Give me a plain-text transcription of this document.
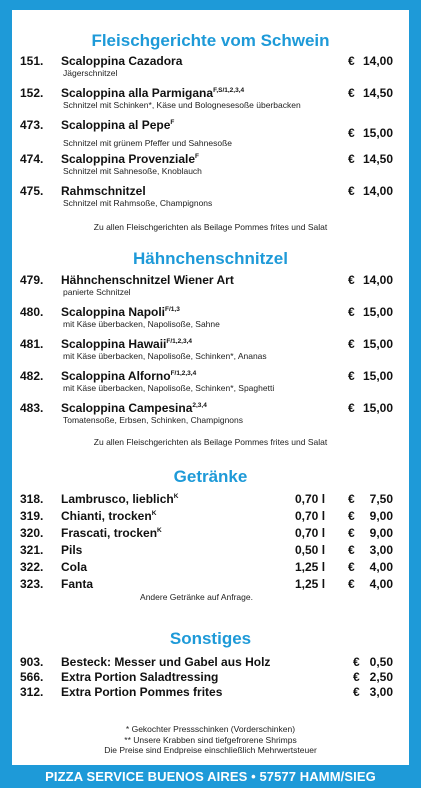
Fleischgerichte vom Schwein
151. Scaloppina Cazadora
Jägerschnitzel
€ 14,00
152. Scaloppina alla Parmigana$^{F,S/1,2,3,4}$
Schnitzel mit Schinken*, Käse und Bolognesesoße überbacken
€ 14,50
473. Scaloppina al Pepe$^F$
Schnitzel mit grünem Pfeffer und Sahnesoße
€ 15,00
474. Scaloppina Provenziale$^F$
Schnitzel mit Sahnesoße, Knoblauch
€ 14,50
475. Rahmschnitzel
Schnitzel mit Rahmsoße, Champignons
€ 14,00
Zu allen Fleischgerichten als Beilage Pommes frites und Salat
Hähnchenschnitzel
479. Hähnchenschnitzel Wiener Art
panierte Schnitzel
€ 14,00
480. Scaloppina Napoli$^{F/1,3}$
mit Käse überbacken, Napolisoße, Sahne
€ 15,00
481. Scaloppina Hawaii$^{F/1,2,3,4}$
mit Käse überbacken, Napolisoße, Schinken*, Ananas
€ 15,00
482. Scaloppina Alforno$^{F/1,2,3,4}$
mit Käse überbacken, Napolisoße, Schinken*, Spaghetti
€ 15,00
483. Scaloppina Campesina$^{2,3,4}$
Tomatensoße, Erbsen, Schinken, Champignons
€ 15,00
Zu allen Fleischgerichten als Beilage Pommes frites und Salat
Getränke
318. Lambrusco, lieblich$^K$	0,70 l €	7,50
319. Chianti, trocken$^K$	0,70 l €	9,00
320. Frascati, trocken$^K$	0,70 l €	9,00
321. Pils	0,50 l €	3,00
322. Cola	1,25 l €	4,00
323. Fanta	1,25 l €	4,00
Andere Getränke auf Anfrage.
Sonstiges
903. Besteck: Messer und Gabel aus Holz	€ 0,50
566. Extra Portion Saladtressing	€ 2,50
312. Extra Portion Pommes frites	€ 3,00
* Gekochter Pressschinken (Vorderschinken)
** Unsere Krabben sind tiefgefrorene Shrimps
Die Preise sind Endpreise einschließlich Mehrwertsteuer
PIZZA SERVICE BUENOS AIRES • 57577 HAMM/SIEG
